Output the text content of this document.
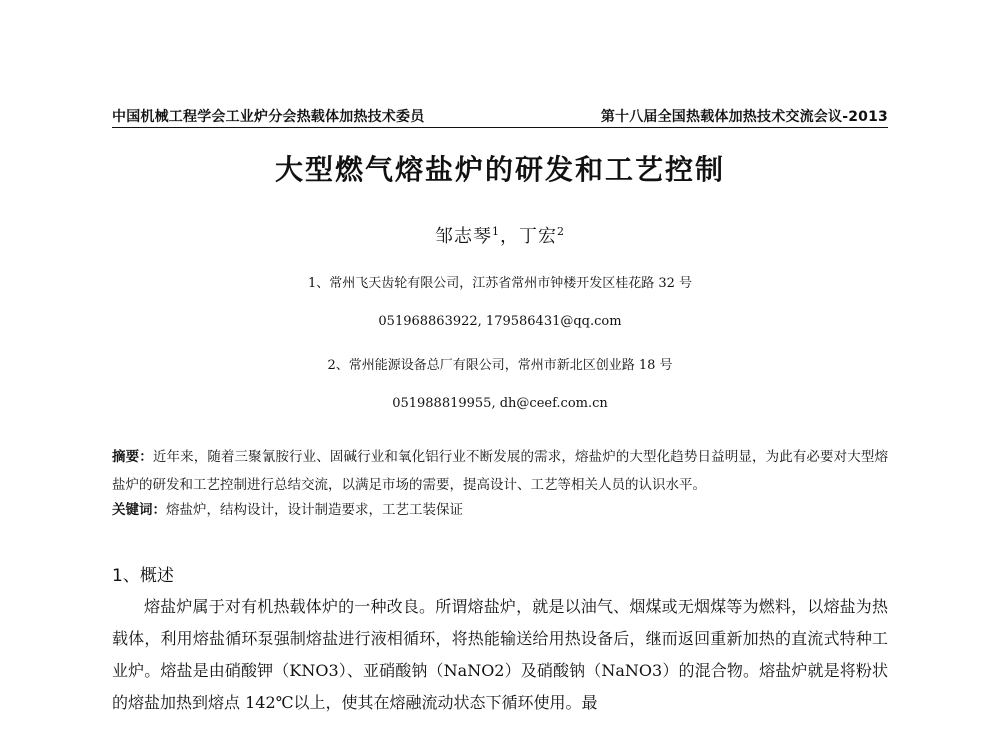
中国机械工程学会工业炉分会热载体加热技术委员	第十八届全国热载体加热技术交流会议-2013
大型燃气熔盐炉的研发和工艺控制
邹志琴$^1$，丁宏$^2$
1、常州飞天齿轮有限公司，江苏省常州市钟楼开发区桂花路 32 号
051968863922, 179586431@qq.com
2、常州能源设备总厂有限公司，常州市新北区创业路 18 号
051988819955, dh@ceef.com.cn
摘要：近年来，随着三聚氰胺行业、固碱行业和氧化铝行业不断发展的需求，熔盐炉的大型化趋势日益明显，为此有必要对大型熔盐炉的研发和工艺控制进行总结交流，以满足市场的需要，提高设计、工艺等相关人员的认识水平。
关键词：熔盐炉，结构设计，设计制造要求，工艺工装保证
1、概述

熔盐炉属于对有机热载体炉的一种改良。所谓熔盐炉，就是以油气、烟煤或无烟煤等为燃料，以熔盐为热载体，利用熔盐循环泵强制熔盐进行液相循环，将热能输送给用热设备后，继而返回重新加热的直流式特种工业炉。熔盐是由硝酸钾（KNO3）、亚硝酸钠（NaNO2）及硝酸钠（NaNO3）的混合物。熔盐炉就是将粉状的熔盐加热到熔点 142℃以上，使其在熔融流动状态下循环使用。最
